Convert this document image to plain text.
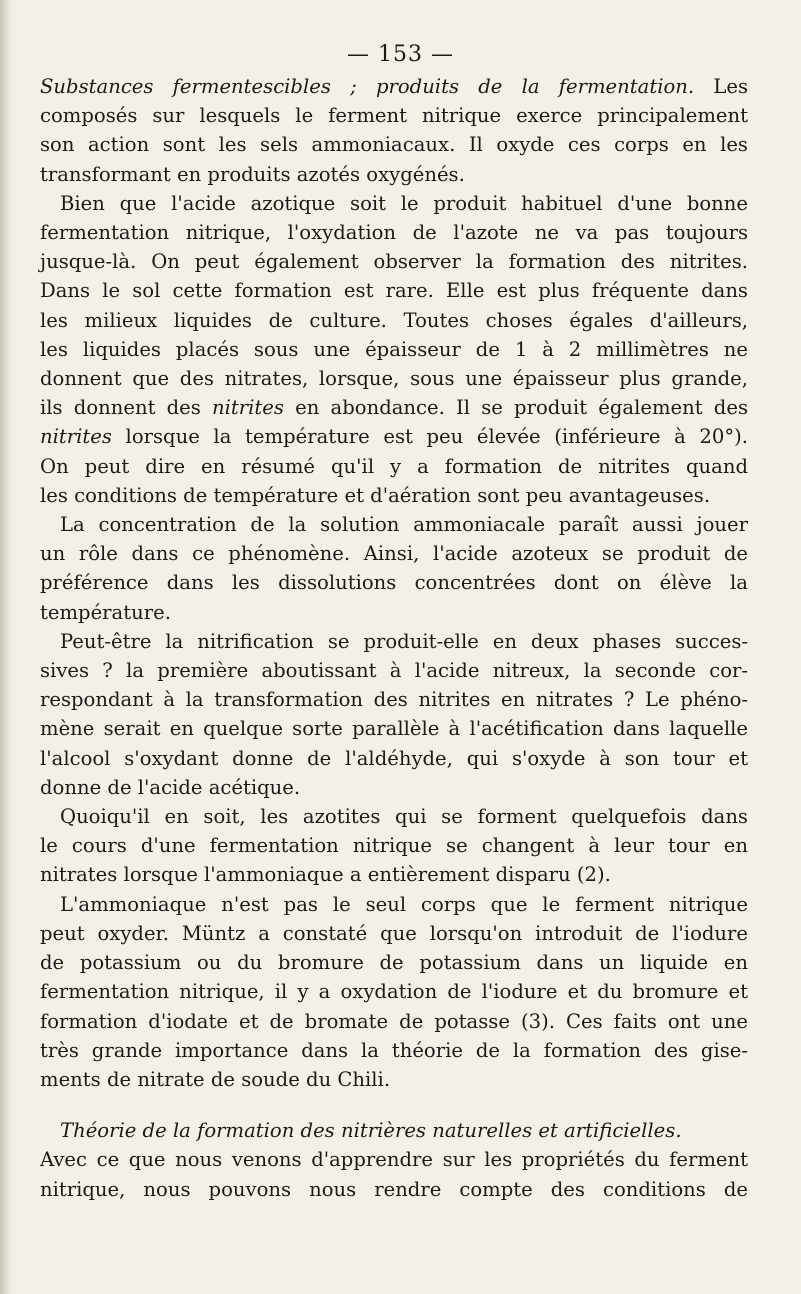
— 153 —
Substances fermentescibles ; produits de la fermentation. Les
composés sur lesquels le ferment nitrique exerce principalement
son action sont les sels ammoniacaux. Il oxyde ces corps en les
transformant en produits azotés oxygénés.
Bien que l'acide azotique soit le produit habituel d'une bonne
fermentation nitrique, l'oxydation de l'azote ne va pas toujours
jusque-là. On peut également observer la formation des nitrites.
Dans le sol cette formation est rare. Elle est plus fréquente dans
les milieux liquides de culture. Toutes choses égales d'ailleurs,
les liquides placés sous une épaisseur de 1 à 2 millimètres ne
donnent que des nitrates, lorsque, sous une épaisseur plus grande,
ils donnent des nitrites en abondance. Il se produit également des
nitrites lorsque la température est peu élevée (inférieure à 20°).
On peut dire en résumé qu'il y a formation de nitrites quand
les conditions de température et d'aération sont peu avantageuses.
La concentration de la solution ammoniacale paraît aussi jouer
un rôle dans ce phénomène. Ainsi, l'acide azoteux se produit de
préférence dans les dissolutions concentrées dont on élève la
température.
Peut-être la nitrification se produit-elle en deux phases succes-
sives ? la première aboutissant à l'acide nitreux, la seconde cor-
respondant à la transformation des nitrites en nitrates ? Le phéno-
mène serait en quelque sorte parallèle à l'acétification dans laquelle
l'alcool s'oxydant donne de l'aldéhyde, qui s'oxyde à son tour et
donne de l'acide acétique.
Quoiqu'il en soit, les azotites qui se forment quelquefois dans
le cours d'une fermentation nitrique se changent à leur tour en
nitrates lorsque l'ammoniaque a entièrement disparu (2).
L'ammoniaque n'est pas le seul corps que le ferment nitrique
peut oxyder. Müntz a constaté que lorsqu'on introduit de l'iodure
de potassium ou du bromure de potassium dans un liquide en
fermentation nitrique, il y a oxydation de l'iodure et du bromure et
formation d'iodate et de bromate de potasse (3). Ces faits ont une
très grande importance dans la théorie de la formation des gise-
ments de nitrate de soude du Chili.
Théorie de la formation des nitrières naturelles et artificielles.
Avec ce que nous venons d'apprendre sur les propriétés du ferment
nitrique, nous pouvons nous rendre compte des conditions de
